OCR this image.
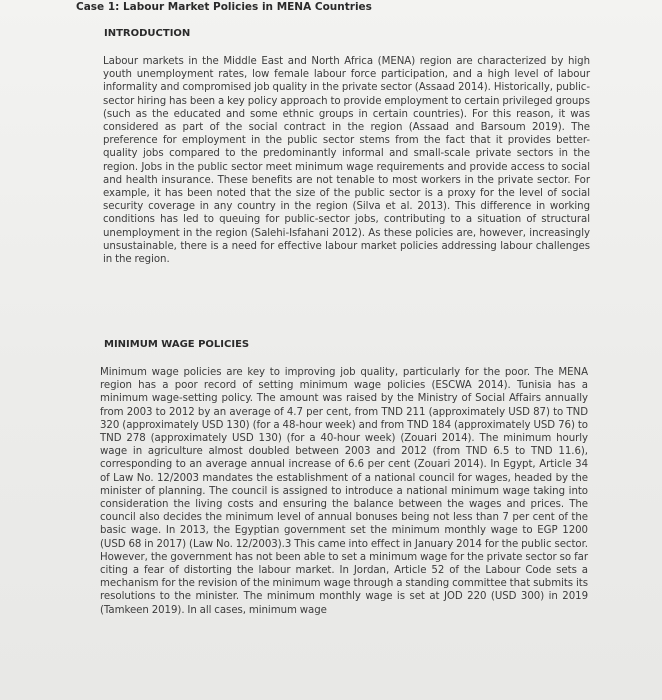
Case 1: Labour Market Policies in MENA Countries
INTRODUCTION
Labour markets in the Middle East and North Africa (MENA) region are characterized by high youth unemployment rates, low female labour force participation, and a high level of labour informality and compromised job quality in the private sector (Assaad 2014). Historically, public-sector hiring has been a key policy approach to provide employment to certain privileged groups (such as the educated and some ethnic groups in certain countries). For this reason, it was considered as part of the social contract in the region (Assaad and Barsoum 2019). The preference for employment in the public sector stems from the fact that it provides better-quality jobs compared to the predominantly informal and small-scale private sectors in the region. Jobs in the public sector meet minimum wage requirements and provide access to social and health insurance. These benefits are not tenable to most workers in the private sector. For example, it has been noted that the size of the public sector is a proxy for the level of social security coverage in any country in the region (Silva et al. 2013). This difference in working conditions has led to queuing for public-sector jobs, contributing to a situation of structural unemployment in the region (Salehi-Isfahani 2012). As these policies are, however, increasingly unsustainable, there is a need for effective labour market policies addressing labour challenges in the region.
MINIMUM WAGE POLICIES
Minimum wage policies are key to improving job quality, particularly for the poor. The MENA region has a poor record of setting minimum wage policies (ESCWA 2014). Tunisia has a minimum wage-setting policy. The amount was raised by the Ministry of Social Affairs annually from 2003 to 2012 by an average of 4.7 per cent, from TND 211 (approximately USD 87) to TND 320 (approximately USD 130) (for a 48-hour week) and from TND 184 (approximately USD 76) to TND 278 (approximately USD 130) (for a 40-hour week) (Zouari 2014). The minimum hourly wage in agriculture almost doubled between 2003 and 2012 (from TND 6.5 to TND 11.6), corresponding to an average annual increase of 6.6 per cent (Zouari 2014). In Egypt, Article 34 of Law No. 12/2003 mandates the establishment of a national council for wages, headed by the minister of planning. The council is assigned to introduce a national minimum wage taking into consideration the living costs and ensuring the balance between the wages and prices. The council also decides the minimum level of annual bonuses being not less than 7 per cent of the basic wage. In 2013, the Egyptian government set the minimum monthly wage to EGP 1200 (USD 68 in 2017) (Law No. 12/2003).3 This came into effect in January 2014 for the public sector. However, the government has not been able to set a minimum wage for the private sector so far citing a fear of distorting the labour market. In Jordan, Article 52 of the Labour Code sets a mechanism for the revision of the minimum wage through a standing committee that submits its resolutions to the minister. The minimum monthly wage is set at JOD 220 (USD 300) in 2019 (Tamkeen 2019). In all cases, minimum wage
